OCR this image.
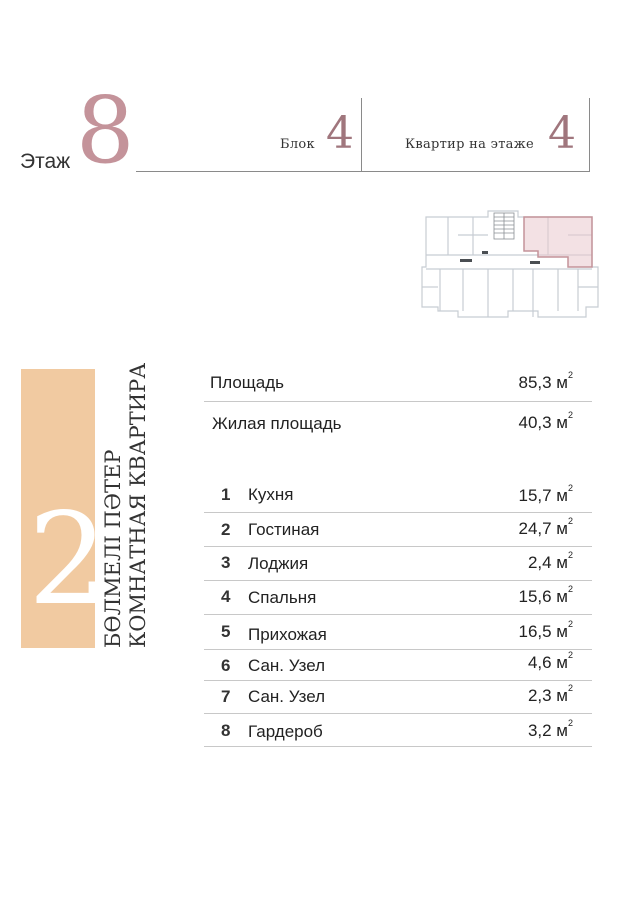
Этаж 8	Блок 4	Квартир на этаже 4
2
БӨЛМЕЛІ ПӘТЕР КОМНАТНАЯ КВАРТИРА	Площадь	85,3 $м^2$
Жилая площадь	40,3 $м^2$
1 Кухня	15,7 $м^2$
2 Гостиная	24,7 $м^2$
3 Лоджия	2,4 $м^2$
4 Спальня	15,6 $м^2$
5 Прихожая	16,5 $м^2$
6 Сан. Узел	4,6 $м^2$
7 Сан. Узел	2,3 $м^2$
8 Гардероб	3,2 $м^2$
